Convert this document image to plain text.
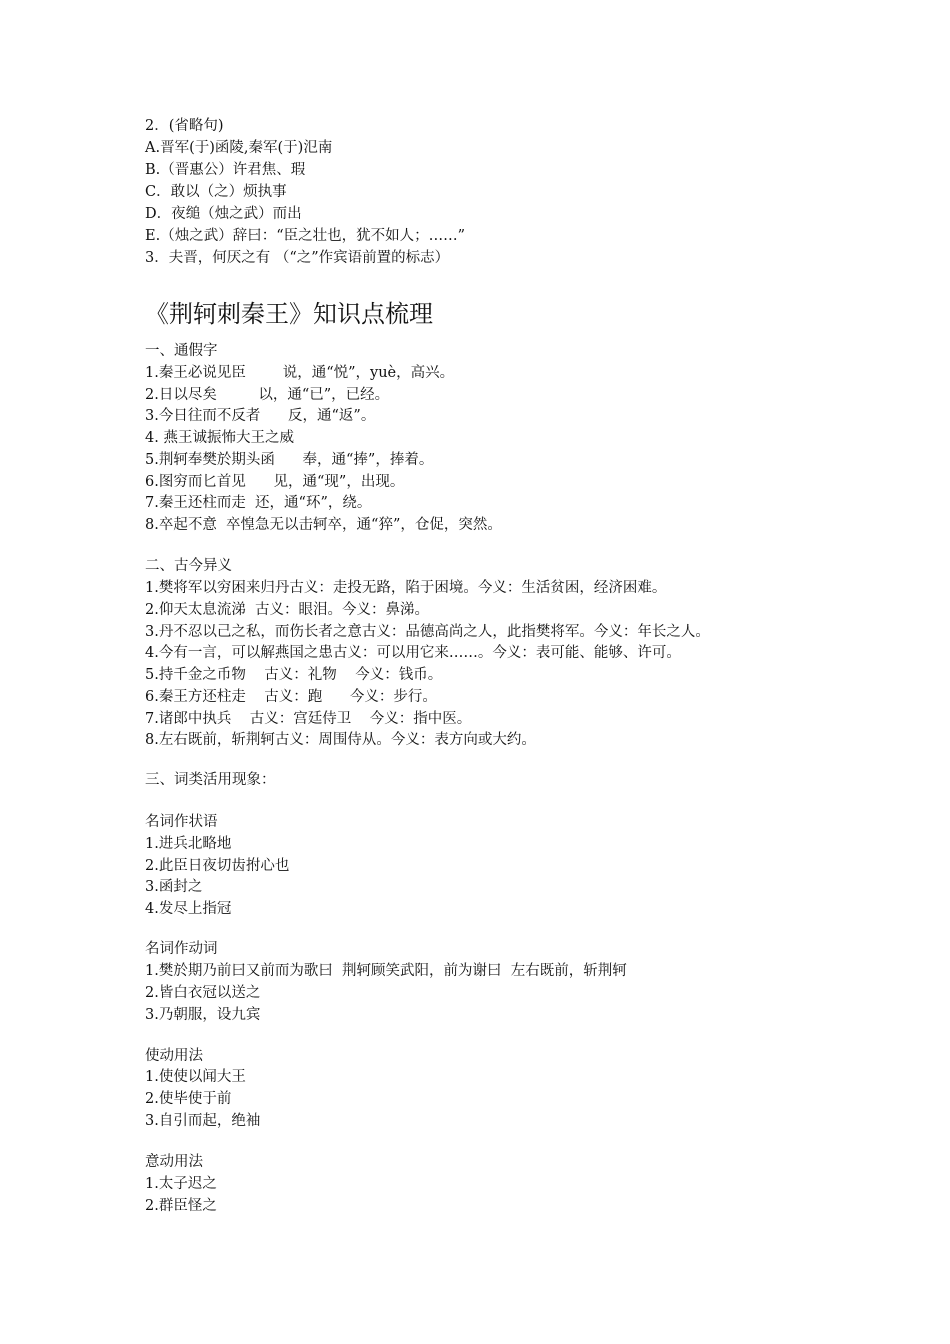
2．(省略句)
A.晋军(于)函陵,秦军(于)氾南
B.（晋惠公）许君焦、瑕
C．敢以（之）烦执事
D．夜缒（烛之武）而出
E.（烛之武）辞曰：“臣之壮也，犹不如人；……”
3．夫晋，何厌之有 （“之”作宾语前置的标志）
《荆轲刺秦王》知识点梳理
一、通假字
1.秦王必说见臣        说，通“悦”，yuè，高兴。
2.日以尽矣         以，通“已”，已经。
3.今日往而不反者      反，通“返”。
4. 燕王诚振怖大王之威
5.荆轲奉樊於期头函      奉，通“捧”，捧着。
6.图穷而匕首见      见，通“现”，出现。
7.秦王还柱而走  还，通“环”，绕。
8.卒起不意  卒惶急无以击轲卒，通“猝”，仓促，突然。
二、古今异义
1.樊将军以穷困来归丹古义：走投无路，陷于困境。今义：生活贫困，经济困难。
2.仰天太息流涕  古义：眼泪。今义：鼻涕。
3.丹不忍以己之私，而伤长者之意古义：品德高尚之人，此指樊将军。今义：年长之人。
4.今有一言，可以解燕国之患古义：可以用它来……。今义：表可能、能够、许可。
5.持千金之币物    古义：礼物    今义：钱币。
6.秦王方还柱走    古义：跑      今义：步行。
7.诸郎中执兵    古义：宫廷侍卫    今义：指中医。
8.左右既前，斩荆轲古义：周围侍从。今义：表方向或大约。
三、词类活用现象：
名词作状语
1.进兵北略地
2.此臣日夜切齿拊心也
3.函封之
4.发尽上指冠
名词作动词
1.樊於期乃前曰又前而为歌曰  荆轲顾笑武阳，前为谢曰  左右既前，斩荆轲
2.皆白衣冠以送之
3.乃朝服，设九宾
使动用法
1.使使以闻大王
2.使毕使于前
3.自引而起，绝袖
意动用法
1.太子迟之
2.群臣怪之
